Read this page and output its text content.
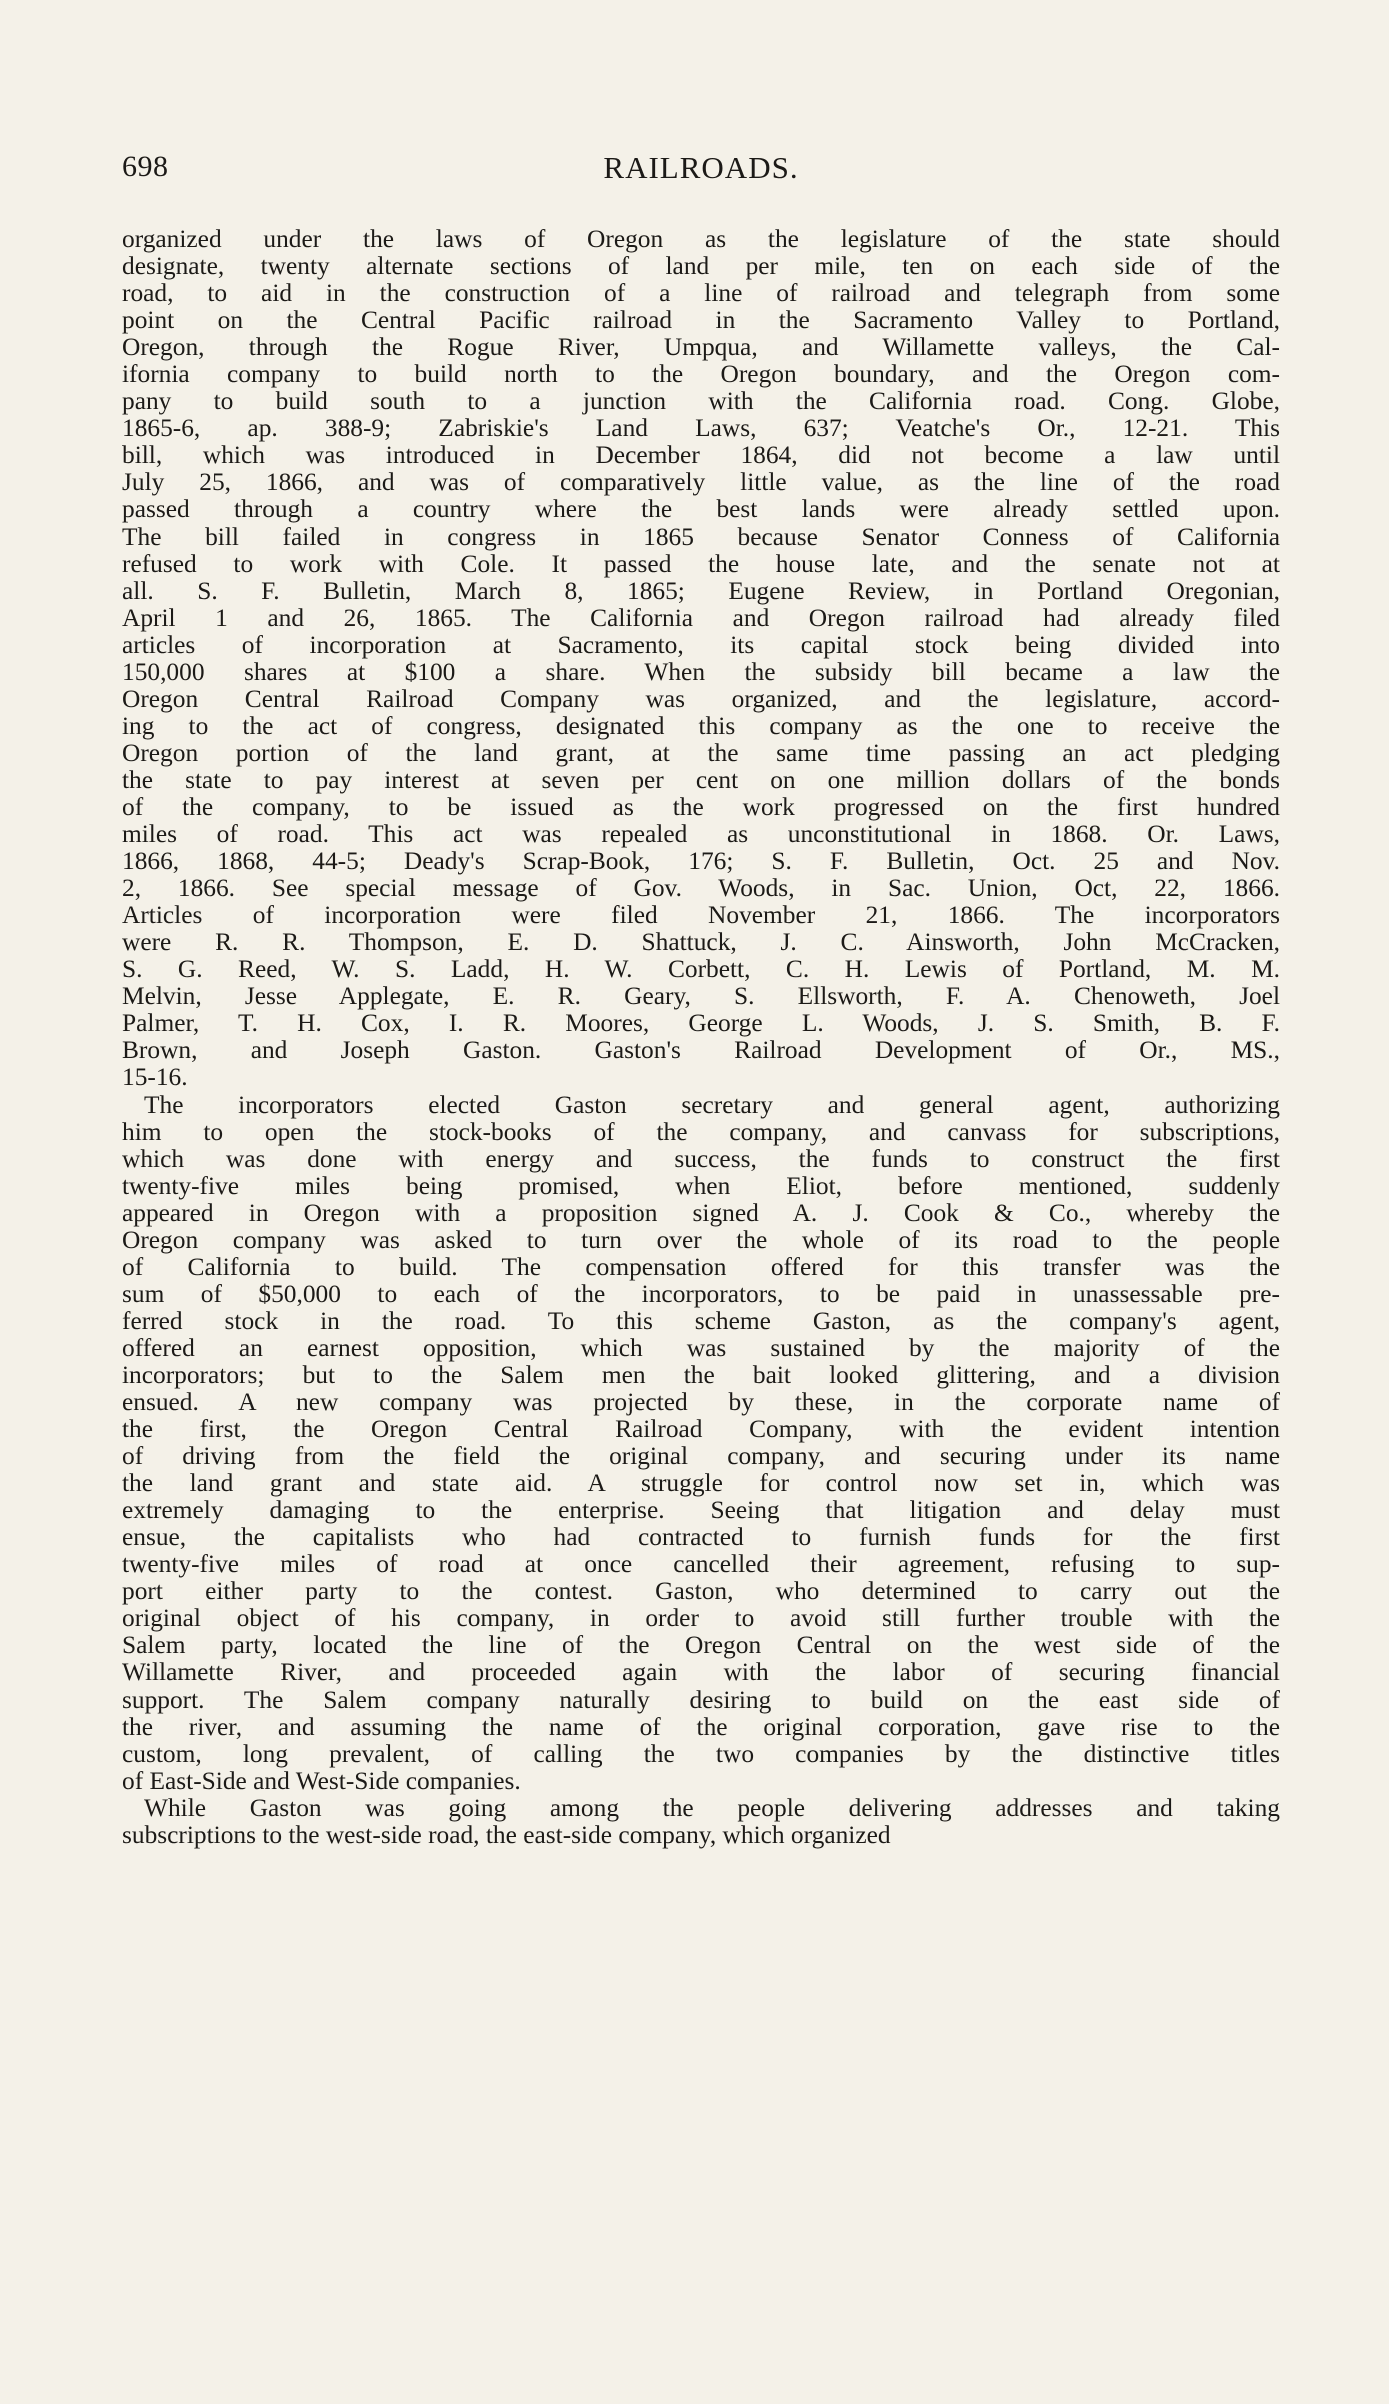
698	RAILROADS.
organized under the laws of Oregon as the legislature of the state should
designate, twenty alternate sections of land per mile, ten on each side of the
road, to aid in the construction of a line of railroad and telegraph from some
point on the Central Pacific railroad in the Sacramento Valley to Portland,
Oregon, through the Rogue River, Umpqua, and Willamette valleys, the Cal-
ifornia company to build north to the Oregon boundary, and the Oregon com-
pany to build south to a junction with the California road. Cong. Globe,
1865-6, ap. 388-9; Zabriskie's Land Laws, 637; Veatche's Or., 12-21. This
bill, which was introduced in December 1864, did not become a law until
July 25, 1866, and was of comparatively little value, as the line of the road
passed through a country where the best lands were already settled upon.
The bill failed in congress in 1865 because Senator Conness of California
refused to work with Cole. It passed the house late, and the senate not at
all. S. F. Bulletin, March 8, 1865; Eugene Review, in Portland Oregonian,
April 1 and 26, 1865. The California and Oregon railroad had already filed
articles of incorporation at Sacramento, its capital stock being divided into
150,000 shares at $100 a share. When the subsidy bill became a law the
Oregon Central Railroad Company was organized, and the legislature, accord-
ing to the act of congress, designated this company as the one to receive the
Oregon portion of the land grant, at the same time passing an act pledging
the state to pay interest at seven per cent on one million dollars of the bonds
of the company, to be issued as the work progressed on the first hundred
miles of road. This act was repealed as unconstitutional in 1868. Or. Laws,
1866, 1868, 44-5; Deady's Scrap-Book, 176; S. F. Bulletin, Oct. 25 and Nov.
2, 1866. See special message of Gov. Woods, in Sac. Union, Oct, 22, 1866.
Articles of incorporation were filed November 21, 1866. The incorporators
were R. R. Thompson, E. D. Shattuck, J. C. Ainsworth, John McCracken,
S. G. Reed, W. S. Ladd, H. W. Corbett, C. H. Lewis of Portland, M. M.
Melvin, Jesse Applegate, E. R. Geary, S. Ellsworth, F. A. Chenoweth, Joel
Palmer, T. H. Cox, I. R. Moores, George L. Woods, J. S. Smith, B. F.
Brown, and Joseph Gaston. Gaston's Railroad Development of Or., MS.,
15-16.
The incorporators elected Gaston secretary and general agent, authorizing
him to open the stock-books of the company, and canvass for subscriptions,
which was done with energy and success, the funds to construct the first
twenty-five miles being promised, when Eliot, before mentioned, suddenly
appeared in Oregon with a proposition signed A. J. Cook & Co., whereby the
Oregon company was asked to turn over the whole of its road to the people
of California to build. The compensation offered for this transfer was the
sum of $50,000 to each of the incorporators, to be paid in unassessable pre-
ferred stock in the road. To this scheme Gaston, as the company's agent,
offered an earnest opposition, which was sustained by the majority of the
incorporators; but to the Salem men the bait looked glittering, and a division
ensued. A new company was projected by these, in the corporate name of
the first, the Oregon Central Railroad Company, with the evident intention
of driving from the field the original company, and securing under its name
the land grant and state aid. A struggle for control now set in, which was
extremely damaging to the enterprise. Seeing that litigation and delay must
ensue, the capitalists who had contracted to furnish funds for the first
twenty-five miles of road at once cancelled their agreement, refusing to sup-
port either party to the contest. Gaston, who determined to carry out the
original object of his company, in order to avoid still further trouble with the
Salem party, located the line of the Oregon Central on the west side of the
Willamette River, and proceeded again with the labor of securing financial
support. The Salem company naturally desiring to build on the east side of
the river, and assuming the name of the original corporation, gave rise to the
custom, long prevalent, of calling the two companies by the distinctive titles
of East-Side and West-Side companies.
While Gaston was going among the people delivering addresses and taking
subscriptions to the west-side road, the east-side company, which organized
